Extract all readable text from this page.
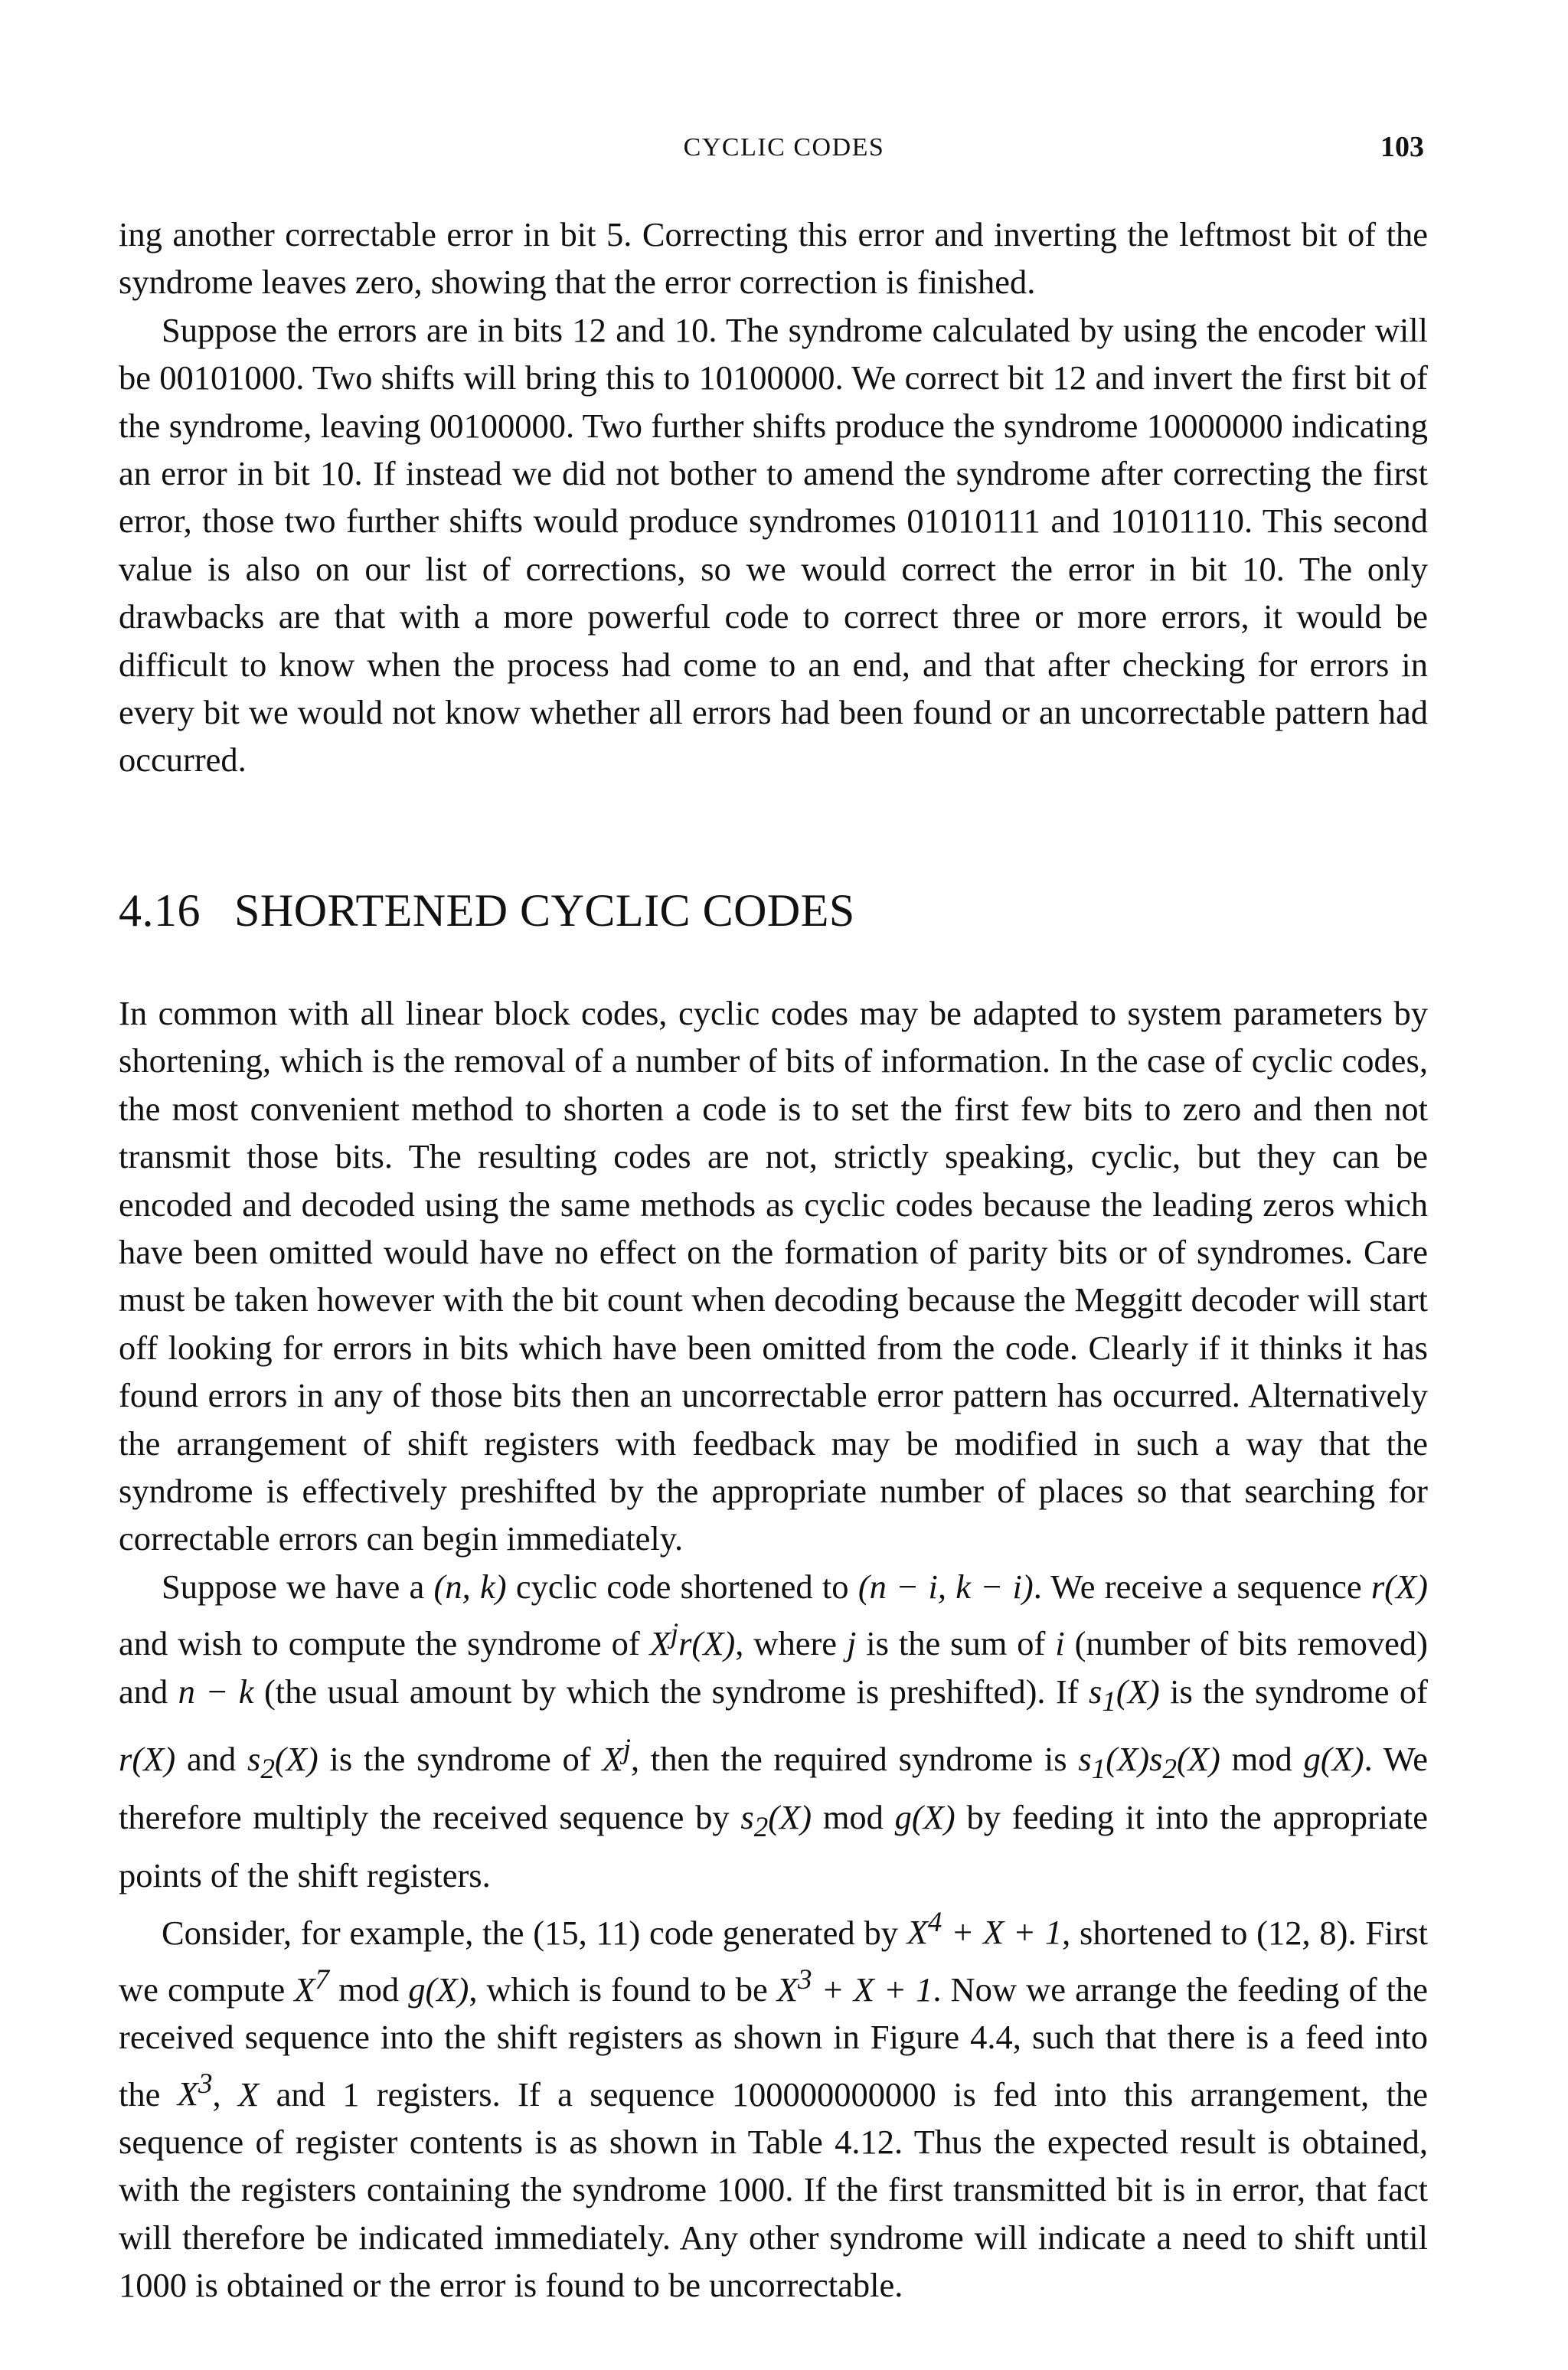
CYCLIC CODES	103

ing another correctable error in bit 5. Correcting this error and inverting the leftmost bit of the syndrome leaves zero, showing that the error correction is finished.

Suppose the errors are in bits 12 and 10. The syndrome calculated by using the encoder will be 00101000. Two shifts will bring this to 10100000. We correct bit 12 and invert the first bit of the syndrome, leaving 00100000. Two further shifts produce the syndrome 10000000 indicating an error in bit 10. If instead we did not bother to amend the syndrome after correcting the first error, those two further shifts would produce syndromes 01010111 and 10101110. This second value is also on our list of corrections, so we would correct the error in bit 10. The only drawbacks are that with a more powerful code to correct three or more errors, it would be difficult to know when the process had come to an end, and that after checking for errors in every bit we would not know whether all errors had been found or an uncorrectable pattern had occurred.

4.16 SHORTENED CYCLIC CODES

In common with all linear block codes, cyclic codes may be adapted to system parameters by shortening, which is the removal of a number of bits of information. In the case of cyclic codes, the most convenient method to shorten a code is to set the first few bits to zero and then not transmit those bits. The resulting codes are not, strictly speaking, cyclic, but they can be encoded and decoded using the same methods as cyclic codes because the leading zeros which have been omitted would have no effect on the formation of parity bits or of syndromes. Care must be taken however with the bit count when decoding because the Meggitt decoder will start off looking for errors in bits which have been omitted from the code. Clearly if it thinks it has found errors in any of those bits then an uncorrectable error pattern has occurred. Alternatively the arrangement of shift registers with feedback may be modified in such a way that the syndrome is effectively preshifted by the appropriate number of places so that searching for correctable errors can begin immediately.

Suppose we have a (n, k) cyclic code shortened to (n − i, k − i). We receive a sequence r(X) and wish to compute the syndrome of $X^jr(X)$, where j is the sum of i (number of bits removed) and n − k (the usual amount by which the syndrome is preshifted). If $s_1(X)$ is the syndrome of r(X) and $s_2(X)$ is the syndrome of $X^j$, then the required syndrome is $s_1(X)s_2(X)$ mod g(X). We therefore multiply the received sequence by $s_2(X)$ mod g(X) by feeding it into the appropriate points of the shift registers.

Consider, for example, the (15, 11) code generated by $X^4 + X + 1$, shortened to (12, 8). First we compute $X^7$ mod g(X), which is found to be $X^3 + X + 1$. Now we arrange the feeding of the received sequence into the shift registers as shown in Figure 4.4, such that there is a feed into the $X^3$, X and 1 registers. If a sequence 100000000000 is fed into this arrangement, the sequence of register contents is as shown in Table 4.12. Thus the expected result is obtained, with the registers containing the syndrome 1000. If the first transmitted bit is in error, that fact will therefore be indicated immediately. Any other syndrome will indicate a need to shift until 1000 is obtained or the error is found to be uncorrectable.
